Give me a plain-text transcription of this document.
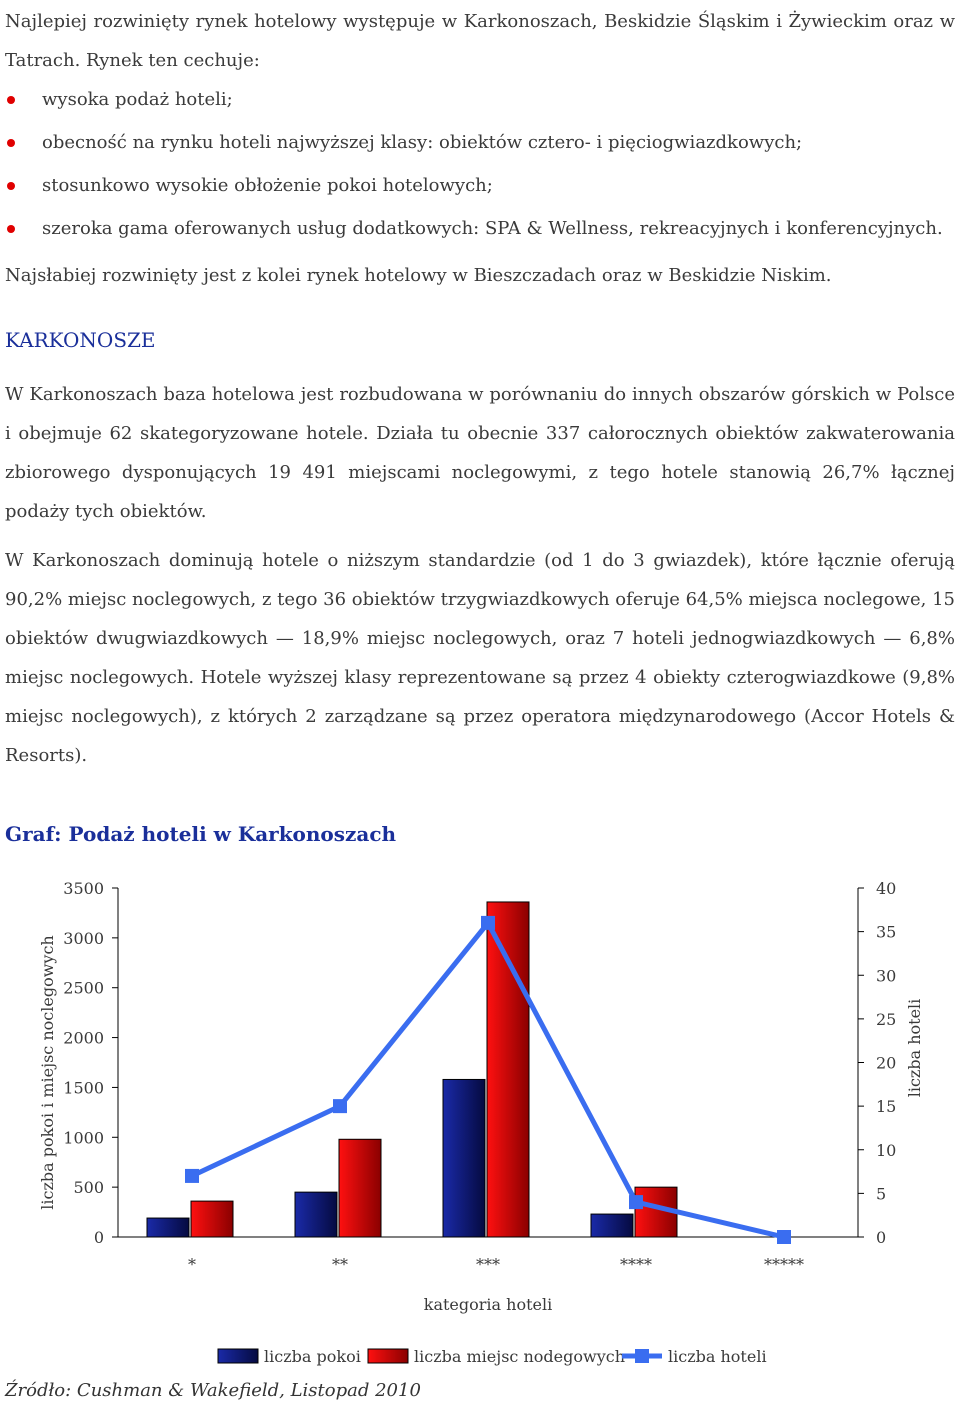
Najlepiej rozwinięty rynek hotelowy występuje w Karkonoszach, Beskidzie Śląskim i Żywieckim oraz w Tatrach. Rynek ten cechuje:

wysoka podaż hoteli;
obecność na rynku hoteli najwyższej klasy: obiektów cztero- i pięciogwiazdkowych;
stosunkowo wysokie obłożenie pokoi hotelowych;
szeroka gama oferowanych usług dodatkowych: SPA & Wellness, rekreacyjnych i konferencyjnych.

Najsłabiej rozwinięty jest z kolei rynek hotelowy w Bieszczadach oraz w Beskidzie Niskim.

KARKONOSZE

W Karkonoszach baza hotelowa jest rozbudowana w porównaniu do innych obszarów górskich w Polsce i obejmuje 62 skategoryzowane hotele. Działa tu obecnie 337 całorocznych obiektów zakwaterowania zbiorowego dysponujących 19 491 miejscami noclegowymi, z tego hotele stanowią 26,7% łącznej podaży tych obiektów.

W Karkonoszach dominują hotele o niższym standardzie (od 1 do 3 gwiazdek), które łącznie oferują 90,2% miejsc noclegowych, z tego 36 obiektów trzygwiazdkowych oferuje 64,5% miejsca noclegowe, 15 obiektów dwugwiazdkowych — 18,9% miejsc noclegowych, oraz 7 hoteli jednogwiazdkowych — 6,8% miejsc noclegowych. Hotele wyższej klasy reprezentowane są przez 4 obiekty czterogwiazdkowe (9,8% miejsc noclegowych), z których 2 zarządzane są przez operatora międzynarodowego (Accor Hotels & Resorts).

Graf: Podaż hoteli w Karkonoszach
0
500
1000
1500
2000
2500
3000
3500
0
5
10
15
20
25
30
35
40
*	**	***	****	*****
kategoria hoteli
liczba pokoi i miejsc noclegowych	liczba hoteli
liczba pokoi	liczba miejsc nodegowych	liczba hoteli
Źródło: Cushman & Wakefield, Listopad 2010
